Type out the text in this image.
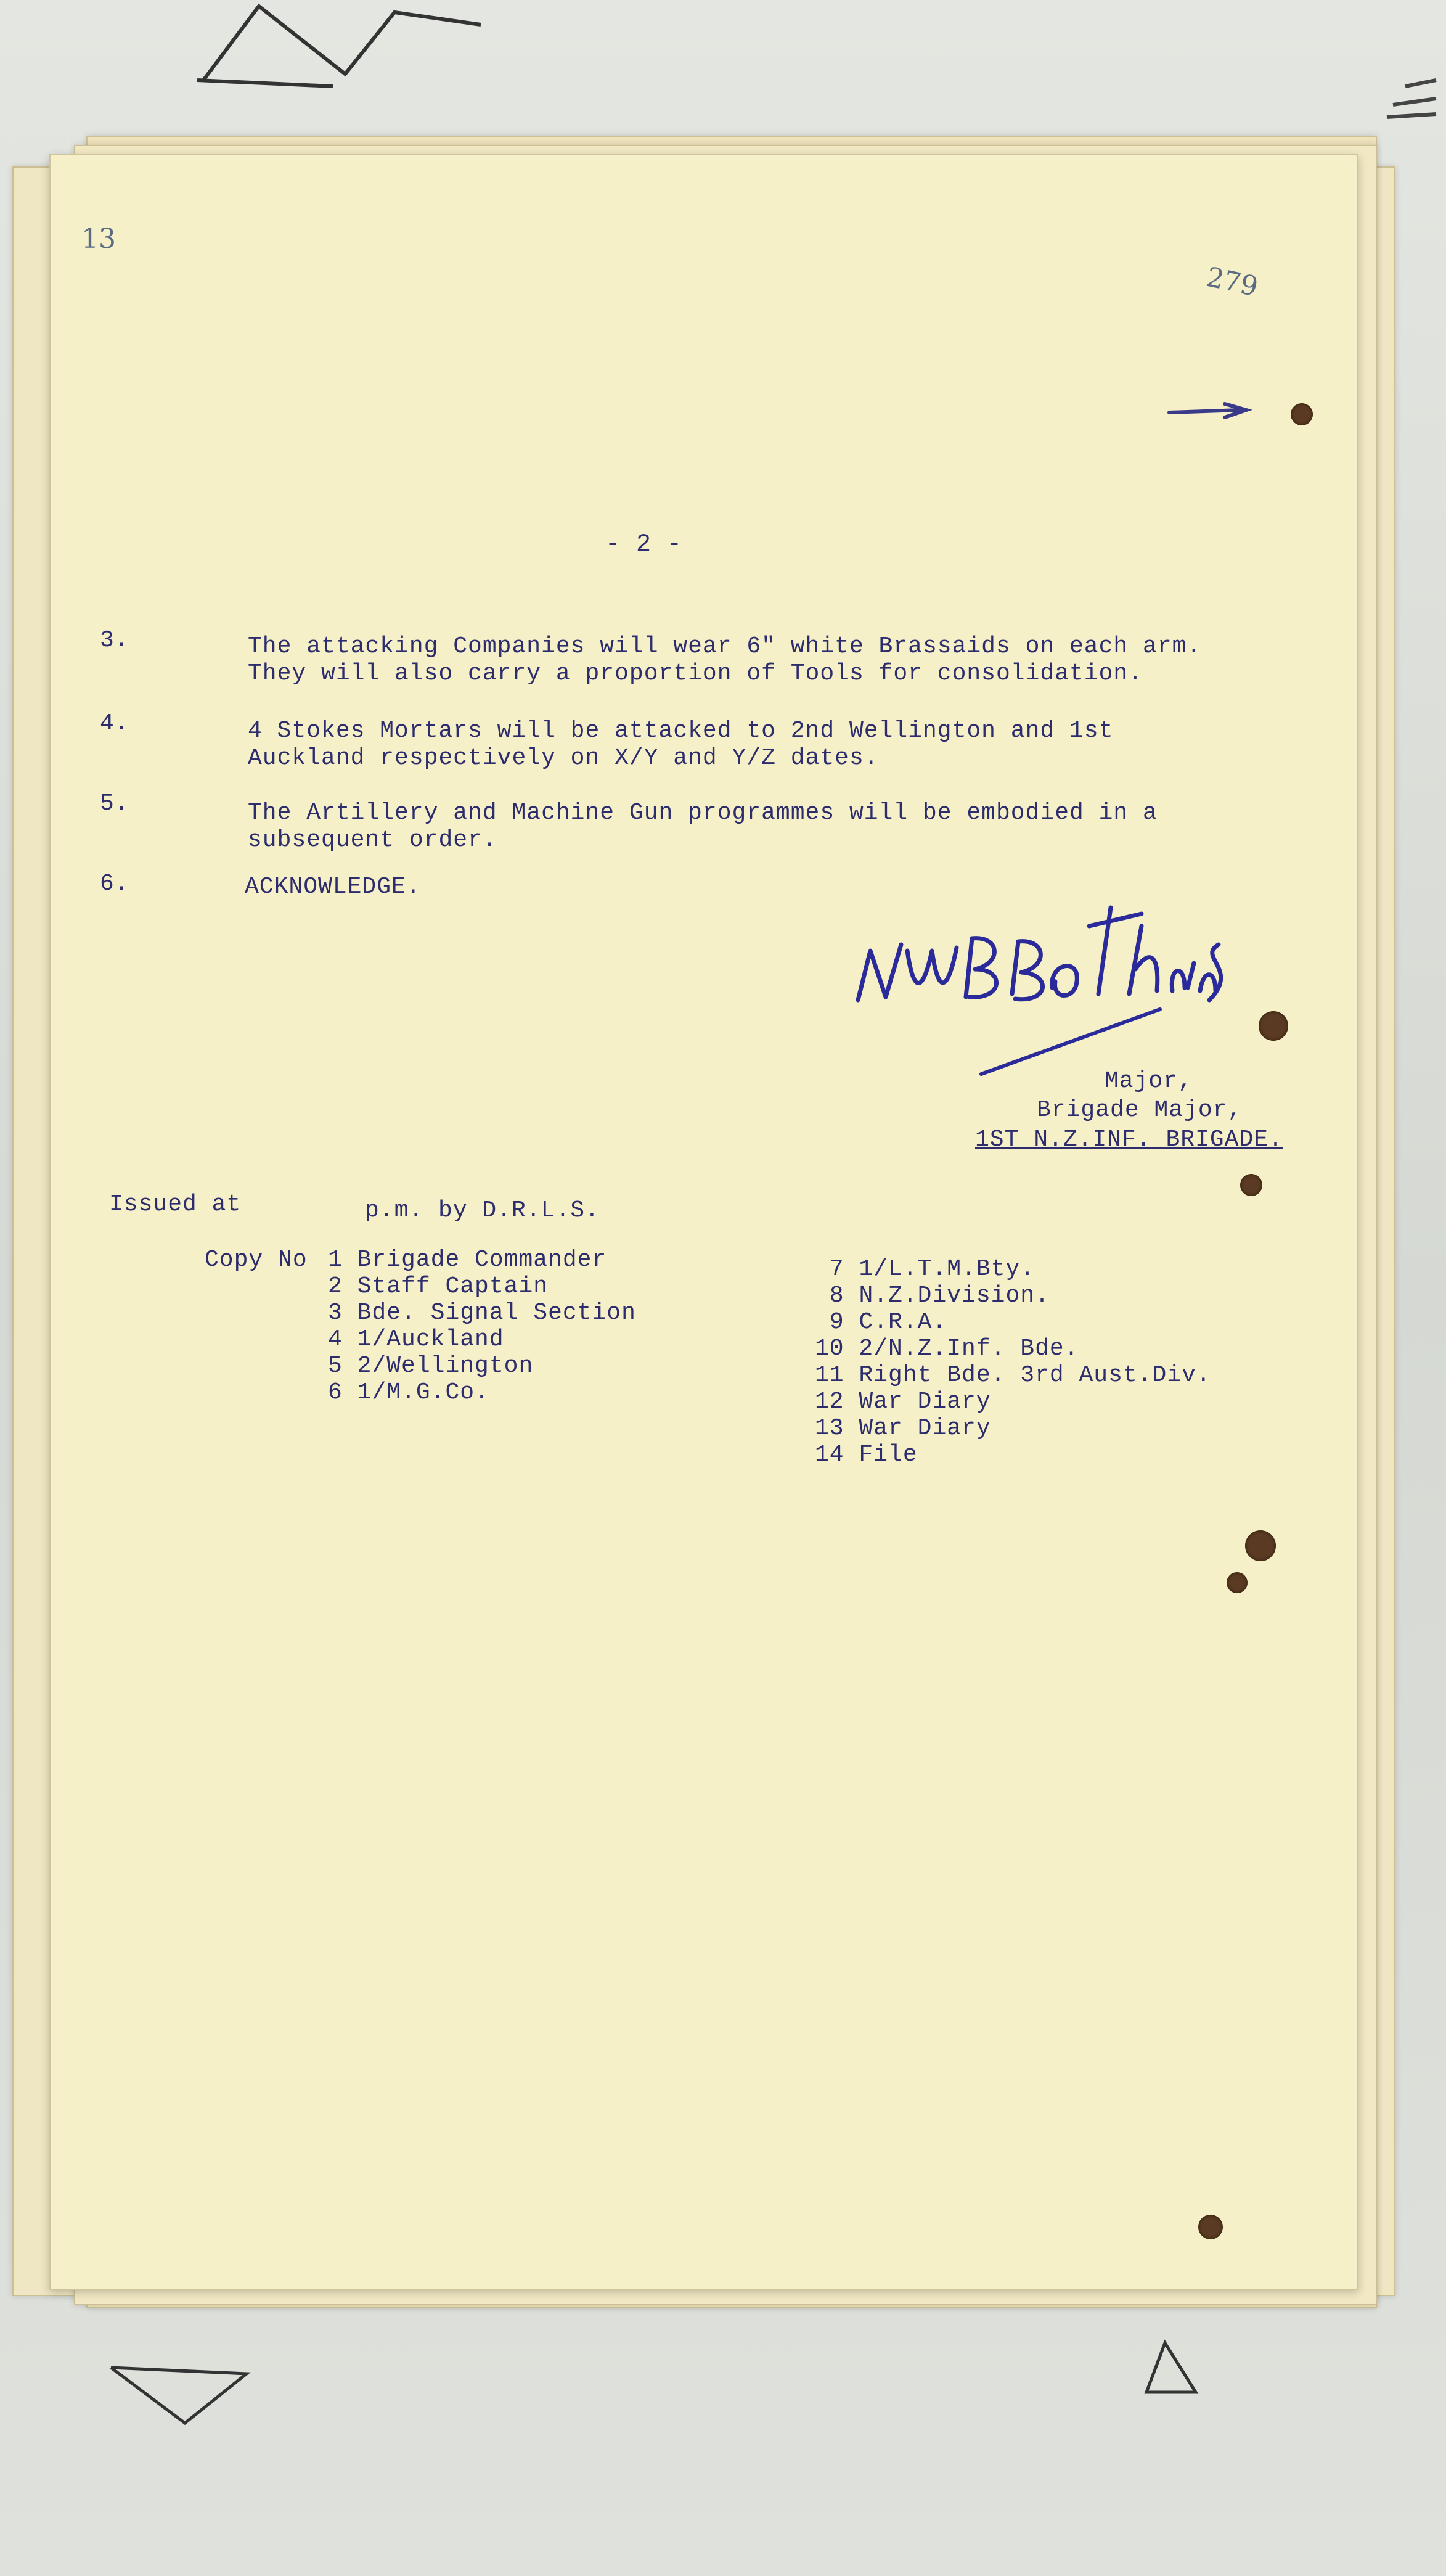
13
279
- 2 -
3.	The attacking Companies will wear 6" white Brassaids on each arm.
They will also carry a proportion of Tools for consolidation.
4.	4 Stokes Mortars will be attacked to 2nd Wellington and 1st
Auckland respectively on X/Y and Y/Z dates.
5.	The Artillery and Machine Gun programmes will be embodied in a
subsequent order.
6.	ACKNOWLEDGE.
Major,
Brigade Major,
1ST N.Z.INF. BRIGADE.
Issued at	p.m. by D.R.L.S.
Copy No 1 Brigade Commander
2 Staff Captain
3 Bde. Signal Section
4 1/Auckland
5 2/Wellington
6 1/M.G.Co.
7 1/L.T.M.Bty.
8 N.Z.Division.
9 C.R.A.
10 2/N.Z.Inf. Bde.
11 Right Bde. 3rd Aust.Div.
12 War Diary
13 War Diary
14 File
